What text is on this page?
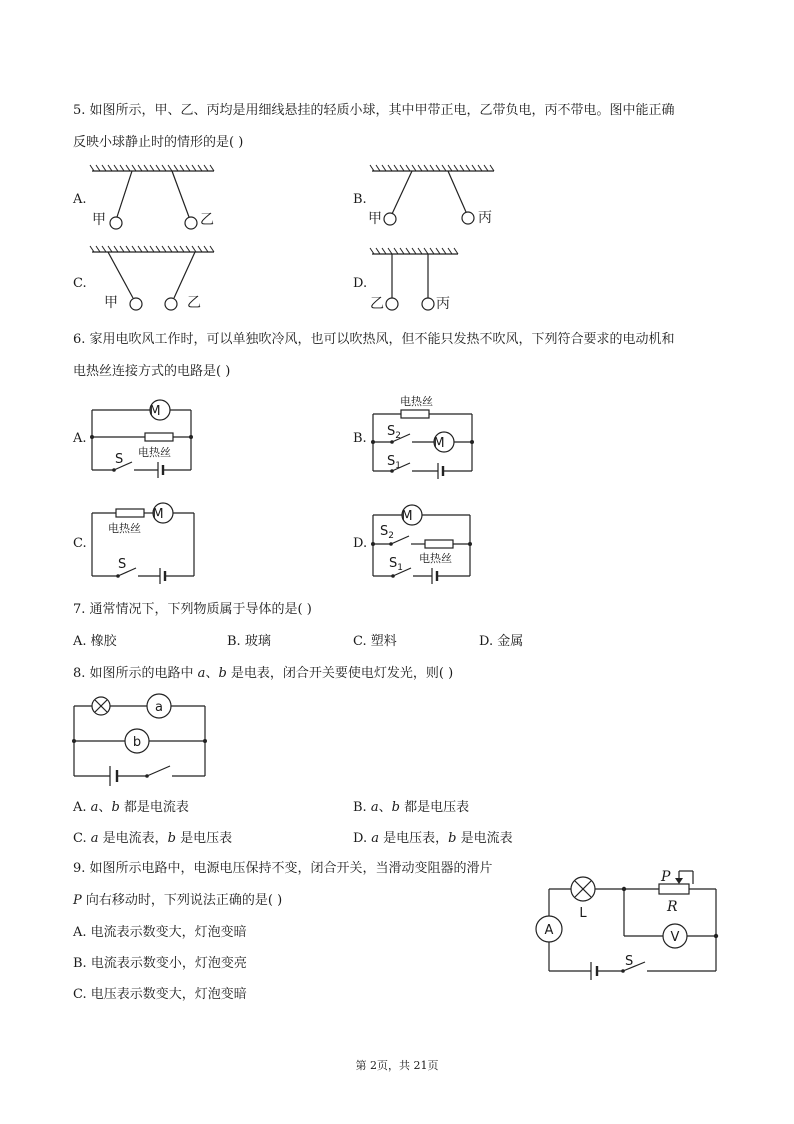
5. 如图所示，甲、乙、丙均是用细线悬挂的轻质小球，其中甲带正电，乙带负电，丙不带电。图中能正确
反映小球静止时的情形的是( )
A.
甲	乙
B.
甲	丙
C.
甲	乙
D.
乙	丙
6. 家用电吹风工作时，可以单独吹冷风，也可以吹热风，但不能只发热不吹风，下列符合要求的电动机和
电热丝连接方式的电路是( )
A.
M
电热丝
S
B.
电热丝
M
$S_2$
$S_1$
C.
电热丝
M
S
D.
M
电热丝
$S_2$
$S_1$
7. 通常情况下，下列物质属于导体的是( )
A. 橡胶	B. 玻璃	C. 塑料	D. 金属
8. 如图所示的电路中 a、b 是电表，闭合开关要使电灯发光，则( )
a
b
A. a、b 都是电流表	B. a、b 都是电压表
C. a 是电流表，b 是电压表	D. a 是电压表，b 是电流表
9. 如图所示电路中，电源电压保持不变，闭合开关，当滑动变阻器的滑片
P 向右移动时，下列说法正确的是( )
A. 电流表示数变大，灯泡变暗
B. 电流表示数变小，灯泡变亮
C. 电压表示数变大，灯泡变暗
P
R
L
A	V
S
第 2页，共 21页
